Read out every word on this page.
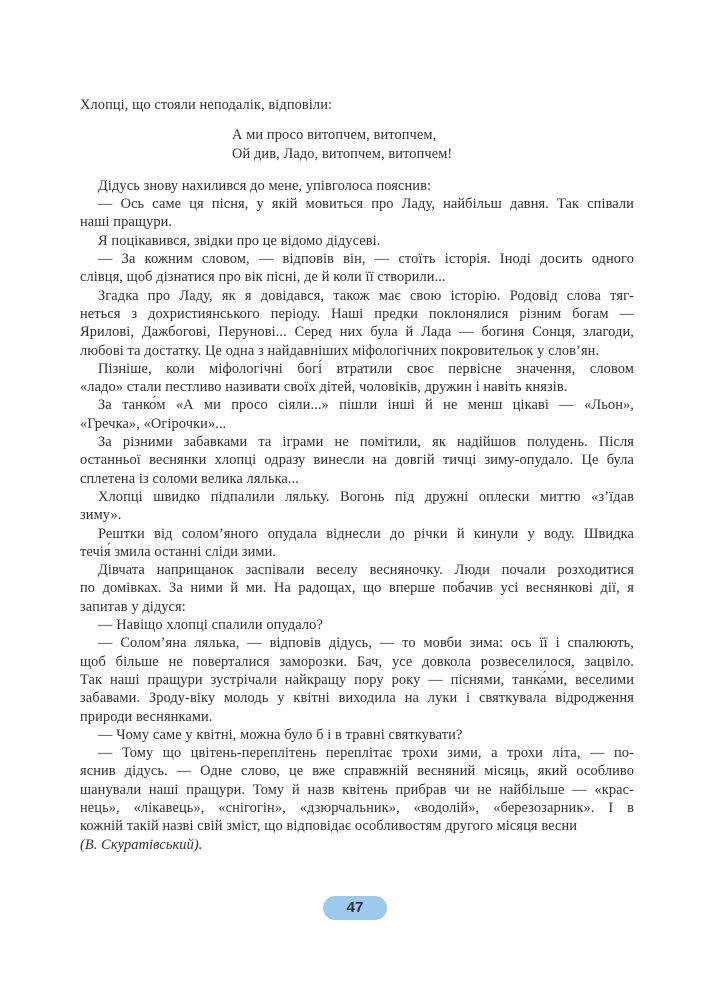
Хлопці, що стояли неподалік, відповіли:
А ми просо витопчем, витопчем,
Ой див, Ладо, витопчем, витопчем!
Дідусь знову нахилився до мене, упівголоса пояснив:
— Ось саме ця пісня, у якій мовиться про Ладу, найбільш давня. Так співали
наші пращури.
Я поцікавився, звідки про це відомо дідусеві.
— За кожним словом, — відповів він, — стоїть історія. Іноді досить одного
слівця, щоб дізнатися про вік пісні, де й коли її створили...
Згадка про Ладу, як я довідався, також має свою історію. Родовід слова тяг-
неться з дохристиянського періоду. Наші предки поклонялися різним богам —
Ярилові, Дажбогові, Перунові... Серед них була й Лада — богиня Сонця, злагоди,
любові та достатку. Це одна з найдавніших міфологічних покровительок у слов’ян.
Пізніше, коли міфологічні богі́ втратили своє первісне значення, словом
«ладо» стали пестливо називати своїх дітей, чоловіків, дружин і навіть князів.
За танко́м «А ми просо сіяли...» пішли інші й не менш цікаві — «Льон»,
«Гречка», «Огірочки»...
За різними забавками та іграми не помітили, як надійшов полудень. Після
останньої веснянки хлопці одразу винесли на довгій тичці зиму-опудало. Це була
сплетена із соломи велика лялька...
Хлопці швидко підпалили ляльку. Вогонь під дружні оплески миттю «з’їдав
зиму».
Рештки від солом’яного опудала віднесли до річки й кинули у воду. Швидка
течія́ змила останні сліди зими.
Дівчата наприщанок заспівали веселу весняночку. Люди почали розходитися
по домівках. За ними й ми. На радощах, що вперше побачив усі веснянкові дії, я
запитав у дідуся:
— Навіщо хлопці спалили опудало?
— Солом’яна лялька, — відповів дідусь, — то мовби зима: ось її і спалюють,
щоб більше не поверталися заморозки. Бач, усе довкола розвеселилося, зацвіло.
Так наші пращури зустрічали найкращу пору року — піснями, танка́ми, веселими
забавами. Зроду-віку молодь у квітні виходила на луки і святкувала відродження
природи веснянками.
— Чому саме у квітні, можна було б і в травні святкувати?
— Тому що цвітень-переплітень переплітає трохи зими, а трохи літа, — по-
яснив дідусь. — Одне слово, це вже справжній весняний місяць, який особливо
шанували наші пращури. Тому й назв квітень прибрав чи не найбільше — «крас-
нець», «лікавець», «снігогін», «дзюрчальник», «водолій», «березозарник». І в
кожній такій назві свій зміст, що відповідає особливостям другого місяця весни
(В. Скуратівський).
47
